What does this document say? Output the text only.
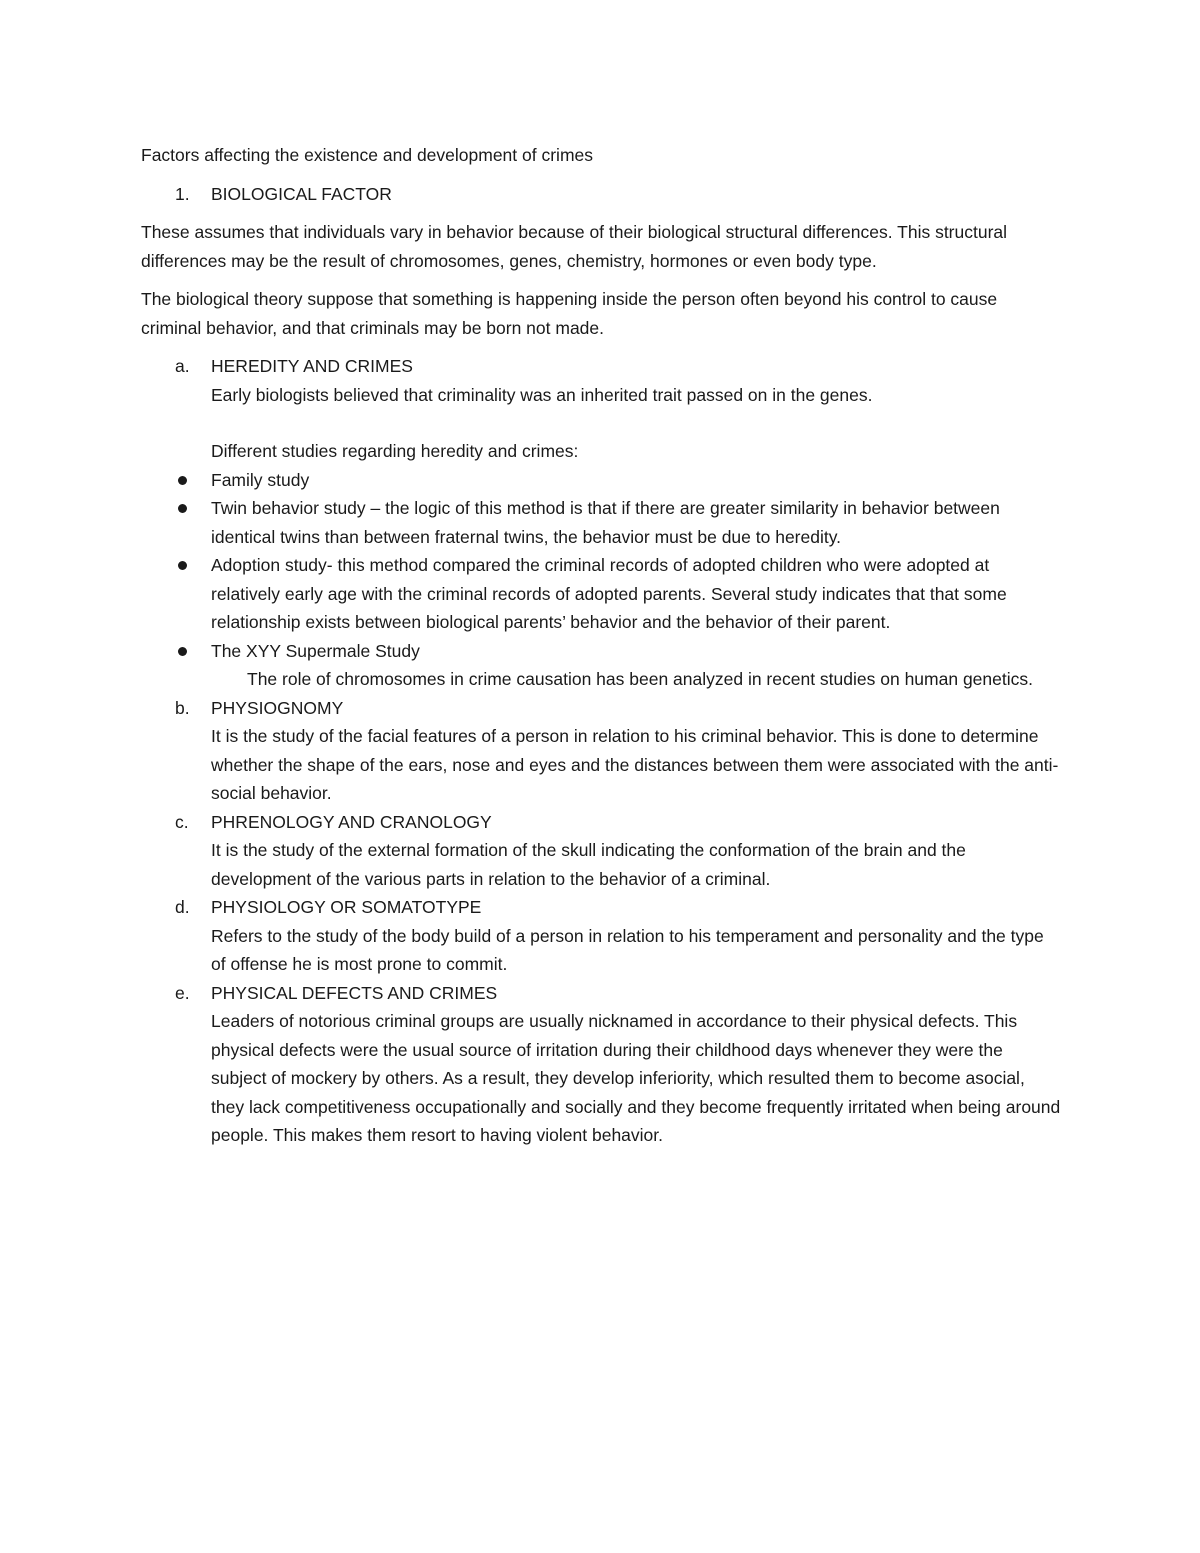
Factors affecting the existence and development of crimes

1.	BIOLOGICAL FACTOR

These assumes that individuals vary in behavior because of their biological structural differences. This structural differences may be the result of chromosomes, genes, chemistry, hormones or even body type.

The biological theory suppose that something is happening inside the person often beyond his control to cause criminal behavior, and that criminals may be born not made.

a.	HEREDITY AND CRIMES
Early biologists believed that criminality was an inherited trait passed on in the genes.
Different studies regarding heredity and crimes:
Family study
Twin behavior study – the logic of this method is that if there are greater similarity in behavior between identical twins than between fraternal twins, the behavior must be due to heredity.
Adoption study- this method compared the criminal records of adopted children who were adopted at relatively early age with the criminal records of adopted parents. Several study indicates that that some relationship exists between biological parents’ behavior and the behavior of their parent.
The XYY Supermale Study
The role of chromosomes in crime causation has been analyzed in recent studies on human genetics.
b.	PHYSIOGNOMY
It is the study of the facial features of a person in relation to his criminal behavior. This is done to determine whether the shape of the ears, nose and eyes and the distances between them were associated with the anti- social behavior.
c.	PHRENOLOGY AND CRANOLOGY
It is the study of the external formation of the skull indicating the conformation of the brain and the development of the various parts in relation to the behavior of a criminal.
d.	PHYSIOLOGY OR SOMATOTYPE
Refers to the study of the body build of a person in relation to his temperament and personality and the type of offense he is most prone to commit.
e.	PHYSICAL DEFECTS AND CRIMES
Leaders of notorious criminal groups are usually nicknamed in accordance to their physical defects. This physical defects were the usual source of irritation during their childhood days whenever they were the subject of mockery by others. As a result, they develop inferiority, which resulted them to become asocial, they lack competitiveness occupationally and socially and they become frequently irritated when being around people. This makes them resort to having violent behavior.
